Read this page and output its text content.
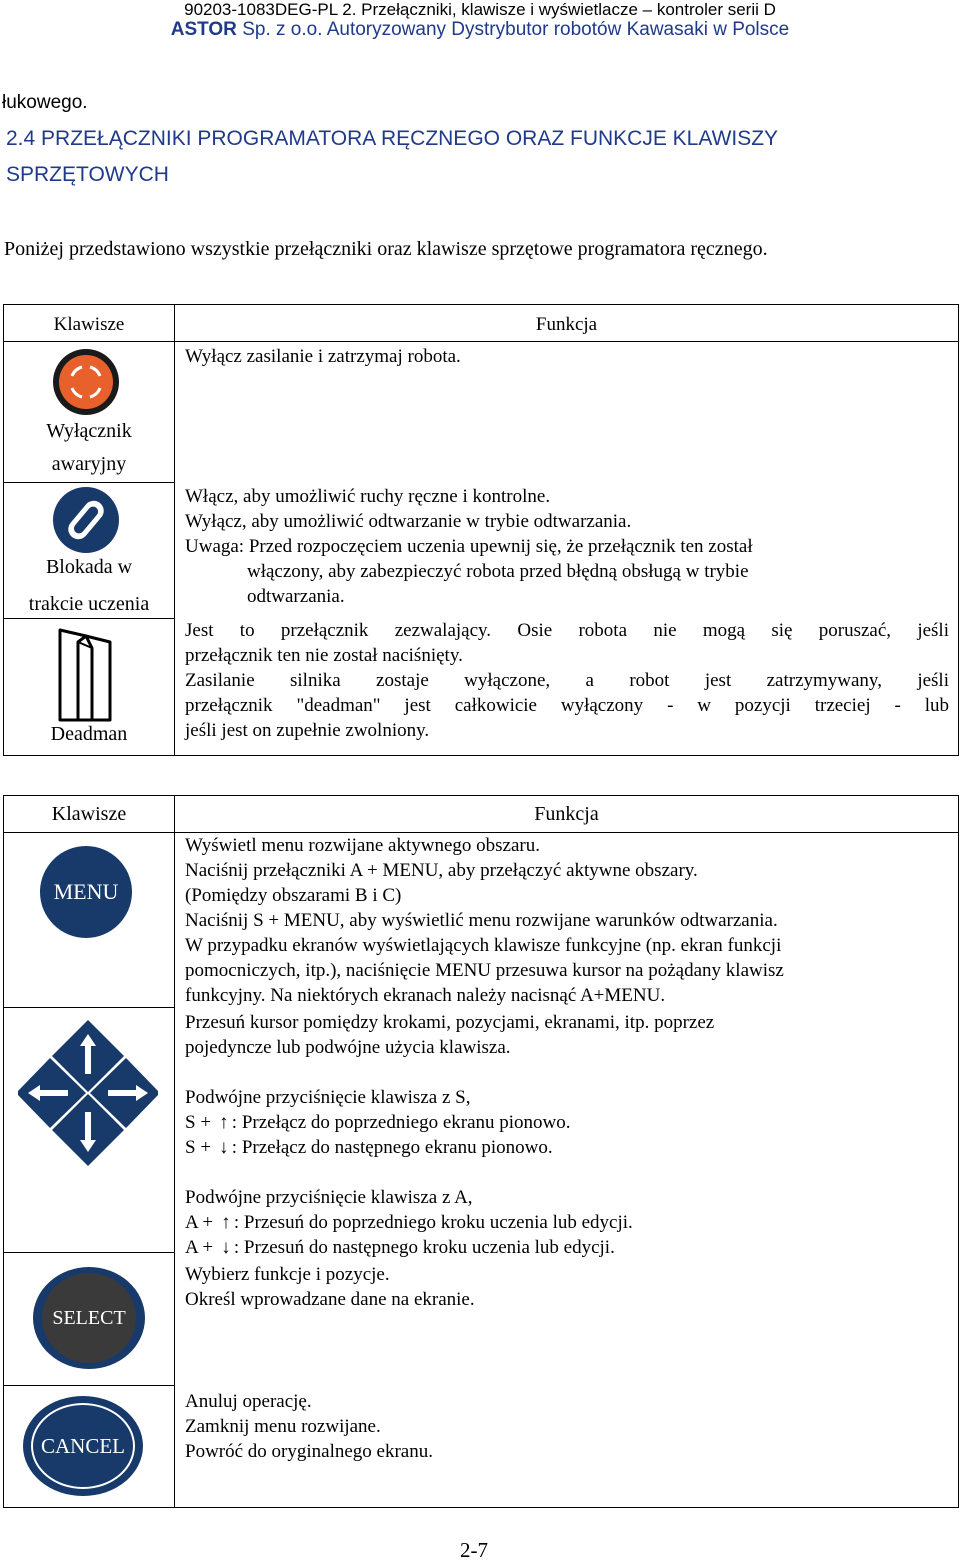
90203-1083DEG-PL 2. Przełączniki, klawisze i wyświetlacze – kontroler serii D
ASTOR Sp. z o.o. Autoryzowany Dystrybutor robotów Kawasaki w Polsce
łukowego.
2.4 PRZEŁĄCZNIKI PROGRAMATORA RĘCZNEGO ORAZ FUNKCJE KLAWISZY
SPRZĘTOWYCH
Poniżej przedstawiono wszystkie przełączniki oraz klawisze sprzętowe programatora ręcznego.
Klawisze	Funkcja
Wyłącznik
awaryjny
Wyłącz zasilanie i zatrzymaj robota.
Blokada w
trakcie uczenia
Włącz, aby umożliwić ruchy ręczne i kontrolne.
Wyłącz, aby umożliwić odtwarzanie w trybie odtwarzania.
Uwaga: Przed rozpoczęciem uczenia upewnij się, że przełącznik ten został
włączony, aby zabezpieczyć robota przed błędną obsługą w trybie
odtwarzania.
Deadman
Jest to przełącznik zezwalający. Osie robota nie mogą się poruszać, jeśli
przełącznik ten nie został naciśnięty.
Zasilanie silnika zostaje wyłączone, a robot jest zatrzymywany, jeśli
przełącznik "deadman" jest całkowicie wyłączony - w pozycji trzeciej - lub
jeśli jest on zupełnie zwolniony.
Klawisze	Funkcja
MENU
Wyświetl menu rozwijane aktywnego obszaru.
Naciśnij przełączniki A + MENU, aby przełączyć aktywne obszary.
(Pomiędzy obszarami B i C)
Naciśnij S + MENU, aby wyświetlić menu rozwijane warunków odtwarzania.
W przypadku ekranów wyświetlających klawisze funkcyjne (np. ekran funkcji
pomocniczych, itp.), naciśnięcie MENU przesuwa kursor na pożądany klawisz
funkcyjny. Na niektórych ekranach należy nacisnąć A+MENU.
Przesuń kursor pomiędzy krokami, pozycjami, ekranami, itp. poprzez
pojedyncze lub podwójne użycia klawisza.
Podwójne przyciśnięcie klawisza z S,
S + ↑ : Przełącz do poprzedniego ekranu pionowo.
S + ↓ : Przełącz do następnego ekranu pionowo.
Podwójne przyciśnięcie klawisza z A,
A + ↑ : Przesuń do poprzedniego kroku uczenia lub edycji.
A + ↓ : Przesuń do następnego kroku uczenia lub edycji.
SELECT
Wybierz funkcje i pozycje.
Określ wprowadzane dane na ekranie.
CANCEL
Anuluj operację.
Zamknij menu rozwijane.
Powróć do oryginalnego ekranu.
2-7
